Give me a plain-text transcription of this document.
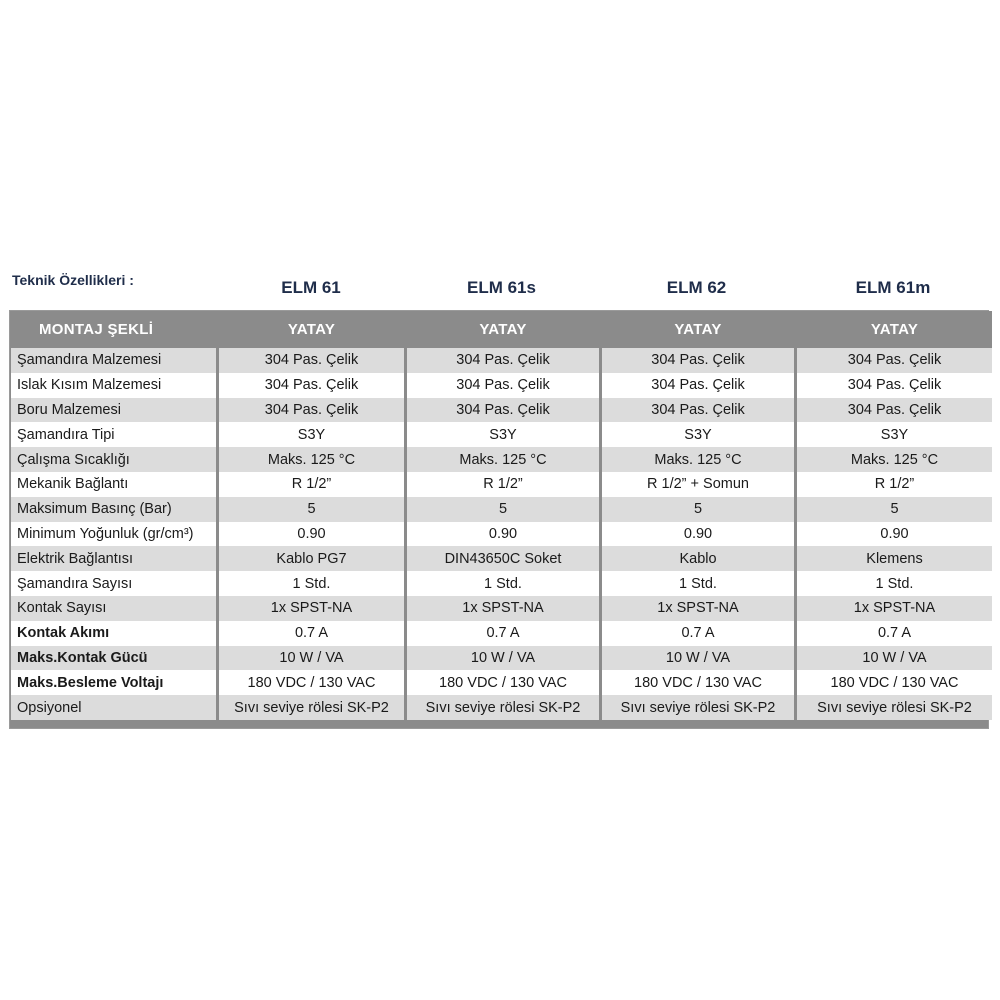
Teknik Özellikleri :	ELM 61	ELM 61s	ELM 62	ELM 61m
MONTAJ ŞEKLİ	YATAY	YATAY	YATAY	YATAY
Şamandıra Malzemesi	304 Pas. Çelik	304 Pas. Çelik	304 Pas. Çelik	304 Pas. Çelik
Islak Kısım Malzemesi	304 Pas. Çelik	304 Pas. Çelik	304 Pas. Çelik	304 Pas. Çelik
Boru Malzemesi	304 Pas. Çelik	304 Pas. Çelik	304 Pas. Çelik	304 Pas. Çelik
Şamandıra Tipi	S3Y	S3Y	S3Y	S3Y
Çalışma Sıcaklığı	Maks. 125 °C	Maks. 125 °C	Maks. 125 °C	Maks. 125 °C
Mekanik Bağlantı	R 1/2”	R 1/2”	R 1/2” + Somun	R 1/2”
Maksimum Basınç (Bar)	5	5	5	5
Minimum Yoğunluk (gr/cm³)	0.90	0.90	0.90	0.90
Elektrik Bağlantısı	Kablo PG7	DIN43650C Soket	Kablo	Klemens
Şamandıra Sayısı	1 Std.	1 Std.	1 Std.	1 Std.
Kontak Sayısı	1x SPST-NA	1x SPST-NA	1x SPST-NA	1x SPST-NA
Kontak Akımı	0.7 A	0.7 A	0.7 A	0.7 A
Maks.Kontak Gücü	10 W / VA	10 W / VA	10 W / VA	10 W / VA
Maks.Besleme Voltajı	180 VDC / 130 VAC	180 VDC / 130 VAC	180 VDC / 130 VAC	180 VDC / 130 VAC
Opsiyonel	Sıvı seviye rölesi SK-P2	Sıvı seviye rölesi SK-P2	Sıvı seviye rölesi SK-P2	Sıvı seviye rölesi SK-P2
